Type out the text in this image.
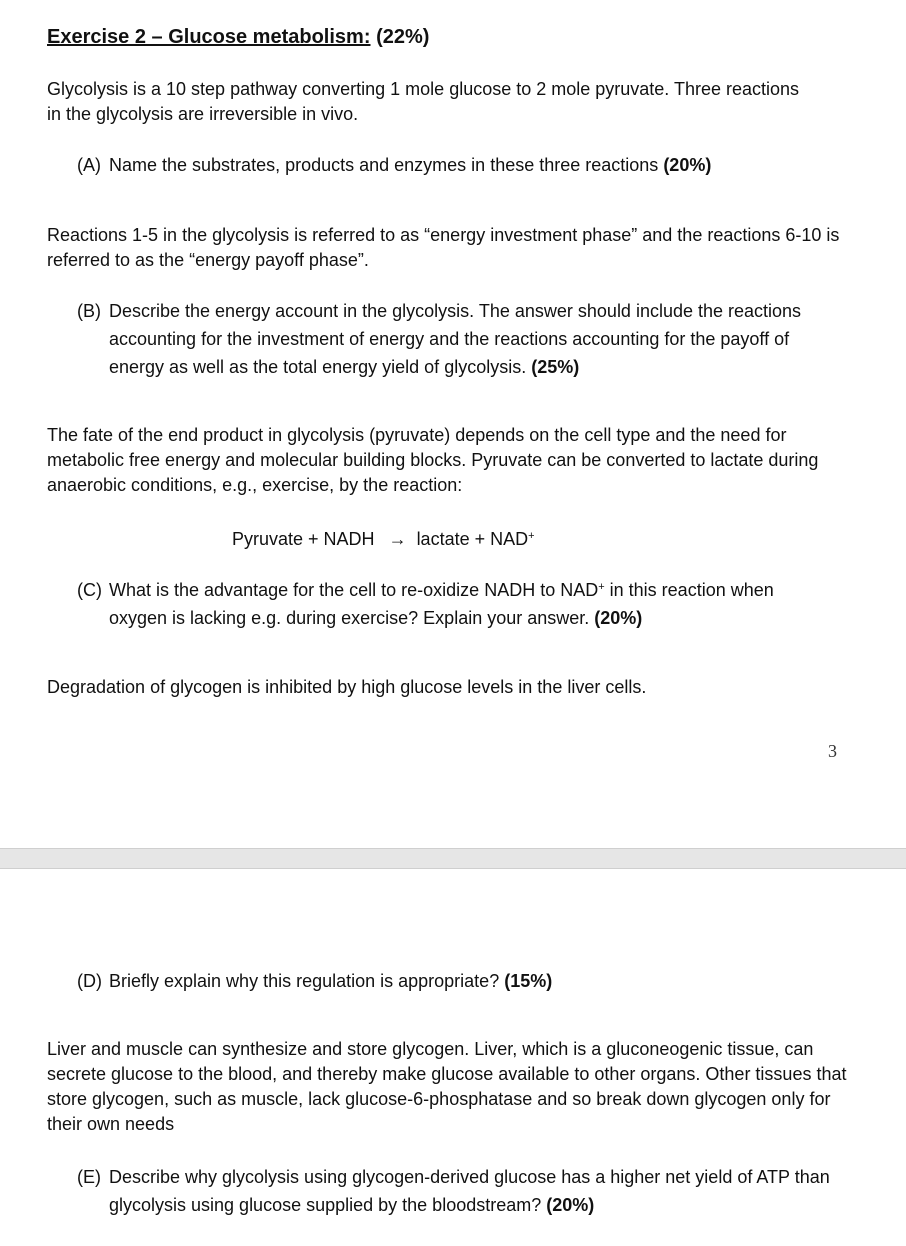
Exercise 2 – Glucose metabolism: (22%)

Glycolysis is a 10 step pathway converting 1 mole glucose to 2 mole pyruvate. Three reactions in the glycolysis are irreversible in vivo.

(A) Name the substrates, products and enzymes in these three reactions (20%)

Reactions 1-5 in the glycolysis is referred to as “energy investment phase” and the reactions 6-10 is referred to as the “energy payoff phase”.

(B) Describe the energy account in the glycolysis. The answer should include the reactions accounting for the investment of energy and the reactions accounting for the payoff of energy as well as the total energy yield of glycolysis. (25%)

The fate of the end product in glycolysis (pyruvate) depends on the cell type and the need for metabolic free energy and molecular building blocks. Pyruvate can be converted to lactate during anaerobic conditions, e.g., exercise, by the reaction:

Pyruvate + NADH → lactate + NAD+
(C) What is the advantage for the cell to re-oxidize NADH to NAD+ in this reaction when oxygen is lacking e.g. during exercise? Explain your answer. (20%)

Degradation of glycogen is inhibited by high glucose levels in the liver cells.

3
(D) Briefly explain why this regulation is appropriate? (15%)

Liver and muscle can synthesize and store glycogen. Liver, which is a gluconeogenic tissue, can secrete glucose to the blood, and thereby make glucose available to other organs. Other tissues that store glycogen, such as muscle, lack glucose-6-phosphatase and so break down glycogen only for their own needs

(E) Describe why glycolysis using glycogen-derived glucose has a higher net yield of ATP than glycolysis using glucose supplied by the bloodstream? (20%)
